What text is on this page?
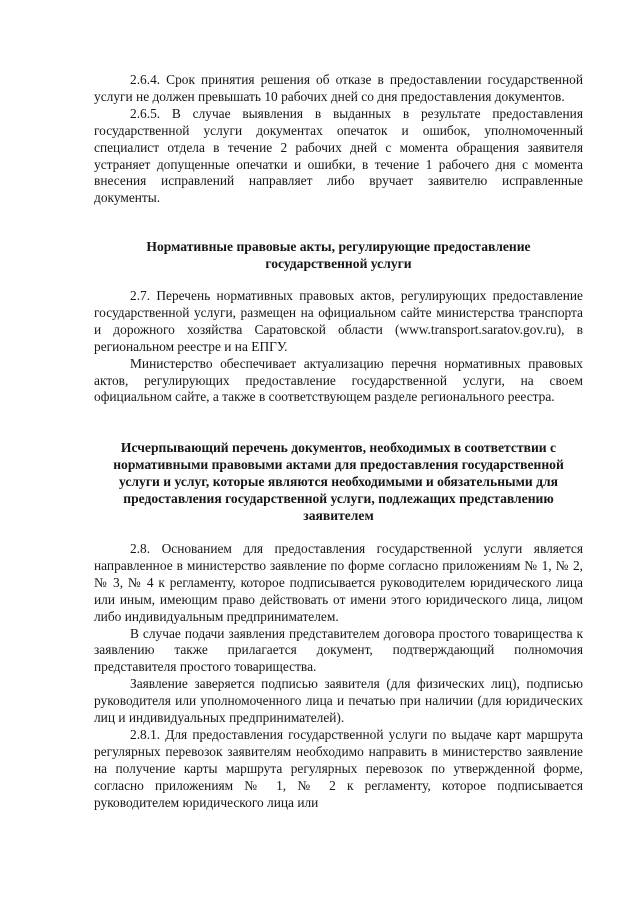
2.6.4. Срок принятия решения об отказе в предоставлении государственной услуги не должен превышать 10 рабочих дней со дня предоставления документов.

2.6.5. В случае выявления в выданных в результате предоставления государственной услуги документах опечаток и ошибок, уполномоченный специалист отдела в течение 2 рабочих дней с момента обращения заявителя устраняет допущенные опечатки и ошибки, в течение 1 рабочего дня с момента внесения исправлений направляет либо вручает заявителю исправленные документы.

Нормативные правовые акты, регулирующие предоставление государственной услуги

2.7. Перечень нормативных правовых актов, регулирующих предоставление государственной услуги, размещен на официальном сайте министерства транспорта и дорожного хозяйства Саратовской области (www.transport.saratov.gov.ru), в региональном реестре и на ЕПГУ.

Министерство обеспечивает актуализацию перечня нормативных правовых актов, регулирующих предоставление государственной услуги, на своем официальном сайте, а также в соответствующем разделе регионального реестра.

Исчерпывающий перечень документов, необходимых в соответствии с нормативными правовыми актами для предоставления государственной услуги и услуг, которые являются необходимыми и обязательными для предоставления государственной услуги, подлежащих представлению заявителем

2.8. Основанием для предоставления государственной услуги является направленное в министерство заявление по форме согласно приложениям № 1, № 2, № 3, № 4 к регламенту, которое подписывается руководителем юридического лица или иным, имеющим право действовать от имени этого юридического лица, лицом либо индивидуальным предпринимателем.

В случае подачи заявления представителем договора простого товарищества к заявлению также прилагается документ, подтверждающий полномочия представителя простого товарищества.

Заявление заверяется подписью заявителя (для физических лиц), подписью руководителя или уполномоченного лица и печатью при наличии (для юридических лиц и индивидуальных предпринимателей).

2.8.1. Для предоставления государственной услуги по выдаче карт маршрута регулярных перевозок заявителям необходимо направить в министерство заявление на получение карты маршрута регулярных перевозок по утвержденной форме, согласно приложениям № 1, № 2 к регламенту, которое подписывается руководителем юридического лица или
